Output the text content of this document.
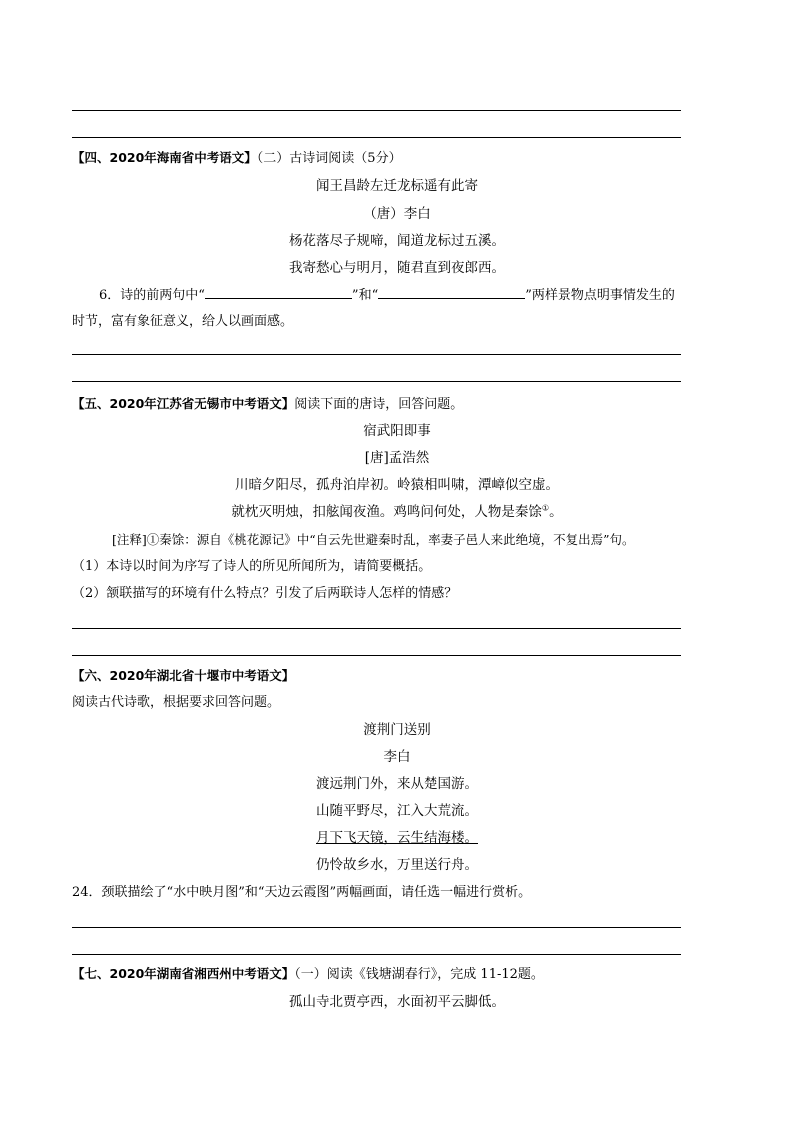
【四、2020年海南省中考语文】（二）古诗词阅读（5分）
闻王昌龄左迁龙标遥有此寄
（唐）李白
杨花落尽子规啼，闻道龙标过五溪。
我寄愁心与明月，随君直到夜郎西。
6．诗的前两句中“	”和“	”两样景物点明事情发生的
时节，富有象征意义，给人以画面感。
【五、2020年江苏省无锡市中考语文】阅读下面的唐诗，回答问题。
宿武阳即事
[唐]孟浩然
川暗夕阳尽，孤舟泊岸初。岭猿相叫啸，潭嶂似空虚。
就枕灭明烛，扣舷闻夜渔。鸡鸣问何处，人物是秦馀①。
[注释]①秦馀：源自《桃花源记》中“自云先世避秦时乱，率妻子邑人来此绝境，不复出焉”句。
（1）本诗以时间为序写了诗人的所见所闻所为，请简要概括。
（2）颔联描写的环境有什么特点？引发了后两联诗人怎样的情感？
【六、2020年湖北省十堰市中考语文】
阅读古代诗歌，根据要求回答问题。
渡荆门送别
李白
渡远荆门外，来从楚国游。
山随平野尽，江入大荒流。
月下飞天镜，云生结海楼。
仍怜故乡水，万里送行舟。
24．颈联描绘了“水中映月图”和“天边云霞图”两幅画面，请任选一幅进行赏析。
【七、2020年湖南省湘西州中考语文】（一）阅读《钱塘湖春行》，完成 11-12题。
孤山寺北贾亭西，水面初平云脚低。
